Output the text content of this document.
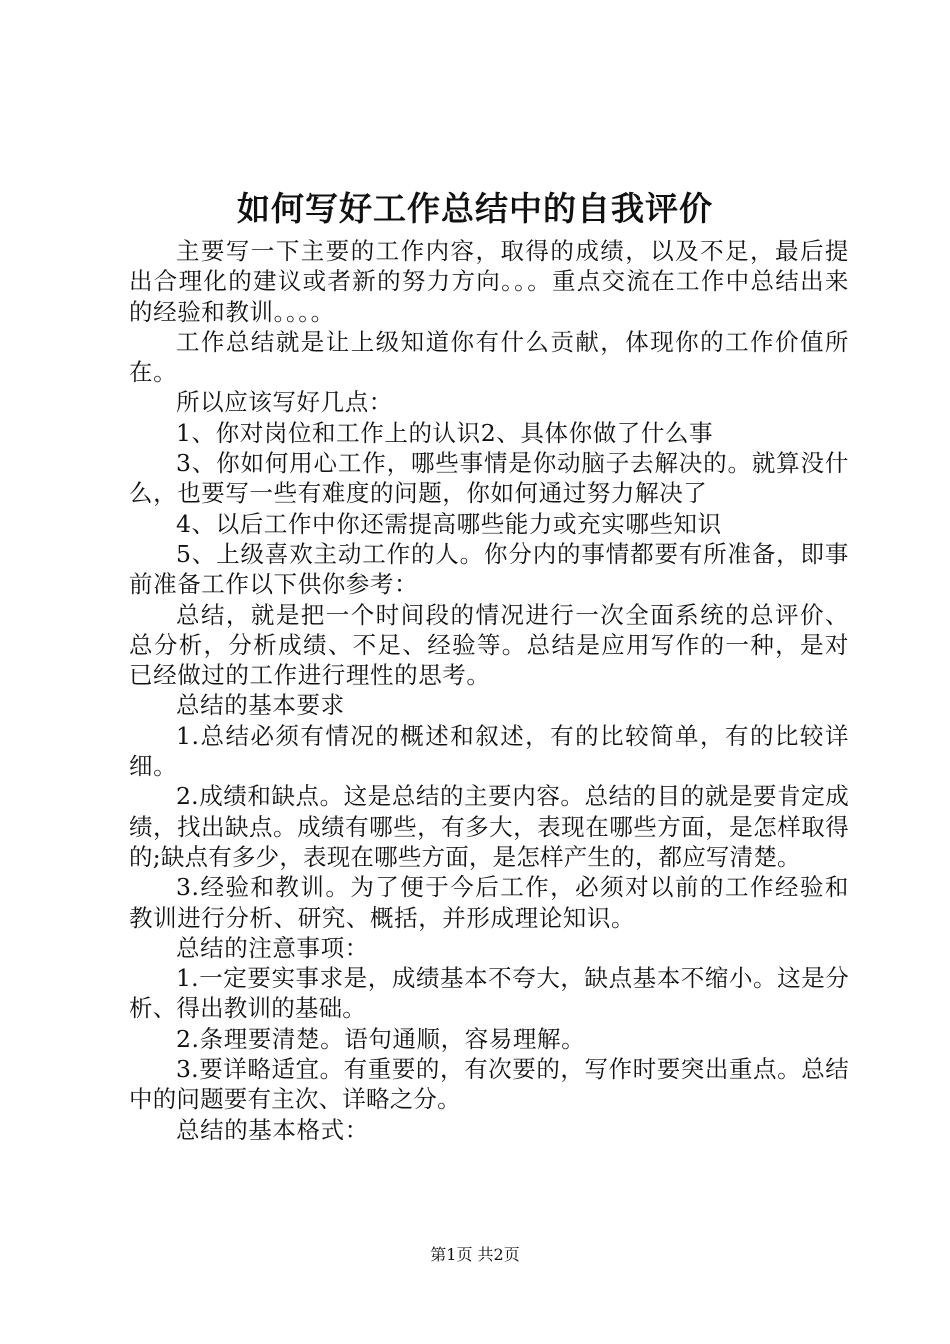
如何写好工作总结中的自我评价

主要写一下主要的工作内容，取得的成绩，以及不足，最后提出合理化的建议或者新的努力方向。。。重点交流在工作中总结出来的经验和教训。。。。

工作总结就是让上级知道你有什么贡献，体现你的工作价值所在。

所以应该写好几点：

1、你对岗位和工作上的认识2、具体你做了什么事

3、你如何用心工作，哪些事情是你动脑子去解决的。就算没什么，也要写一些有难度的问题，你如何通过努力解决了

4、以后工作中你还需提高哪些能力或充实哪些知识

5、上级喜欢主动工作的人。你分内的事情都要有所准备，即事前准备工作以下供你参考：

总结，就是把一个时间段的情况进行一次全面系统的总评价、总分析，分析成绩、不足、经验等。总结是应用写作的一种，是对已经做过的工作进行理性的思考。

总结的基本要求

1.总结必须有情况的概述和叙述，有的比较简单，有的比较详细。

2.成绩和缺点。这是总结的主要内容。总结的目的就是要肯定成绩，找出缺点。成绩有哪些，有多大，表现在哪些方面，是怎样取得的;缺点有多少，表现在哪些方面，是怎样产生的，都应写清楚。

3.经验和教训。为了便于今后工作，必须对以前的工作经验和教训进行分析、研究、概括，并形成理论知识。

总结的注意事项：

1.一定要实事求是，成绩基本不夸大，缺点基本不缩小。这是分析、得出教训的基础。

2.条理要清楚。语句通顺，容易理解。

3.要详略适宜。有重要的，有次要的，写作时要突出重点。总结中的问题要有主次、详略之分。

总结的基本格式：

第1页 共2页
